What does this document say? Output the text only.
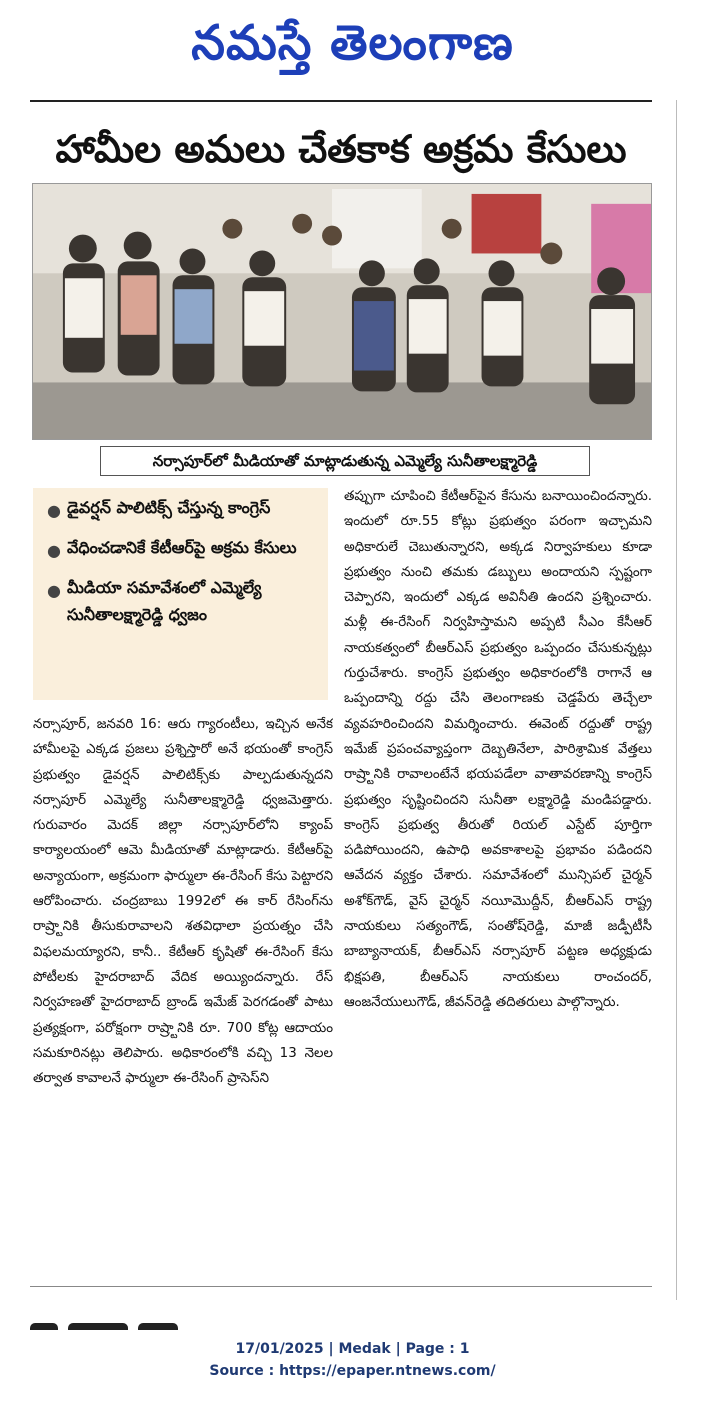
నమస్తే తెలంగాణ
హామీల అమలు చేతకాక అక్రమ కేసులు
నర్సాపూర్‌లో మీడియాతో మాట్లాడుతున్న ఎమ్మెల్యే సునీతాలక్ష్మారెడ్డి
● డైవర్షన్ పాలిటిక్స్ చేస్తున్న కాంగ్రెస్
● వేధించడానికే కేటీఆర్‌పై అక్రమ కేసులు
● మీడియా సమావేశంలో ఎమ్మెల్యే సునీతాలక్ష్మారెడ్డి ధ్వజం
నర్సాపూర్, జనవరి 16: ఆరు గ్యారంటీలు, ఇచ్చిన అనేక హామీలపై ఎక్కడ ప్రజలు ప్రశ్నిస్తారో అనే భయంతో కాంగ్రెస్ ప్రభుత్వం డైవర్షన్ పాలిటిక్స్‌కు పాల్పడుతున్నదని నర్సాపూర్ ఎమ్మెల్యే సునీతాలక్ష్మారెడ్డి ధ్వజమెత్తారు. గురువారం మెదక్ జిల్లా నర్సాపూర్‌లోని క్యాంప్ కార్యాలయంలో ఆమె మీడియాతో మాట్లాడారు. కేటీఆర్‌పై అన్యాయంగా, అక్రమంగా ఫార్ములా ఈ-రేసింగ్ కేసు పెట్టారని ఆరోపించారు. చంద్రబాబు 1992లో ఈ కార్ రేసింగ్‌ను రాష్ర్టానికి తీసుకురావాలని శతవిధాలా ప్రయత్నం చేసి విఫలమయ్యారని, కానీ.. కేటీఆర్ కృషితో ఈ-రేసింగ్ కేసు పోటీలకు హైదరాబాద్ వేదిక అయ్యిందన్నారు. రేస్ నిర్వహణతో హైదరాబాద్ బ్రాండ్ ఇమేజ్ పెరగడంతో పాటు ప్రత్యక్షంగా, పరోక్షంగా రాష్ర్టానికి రూ. 700 కోట్ల ఆదాయం సమకూరినట్లు తెలిపారు. అధికారంలోకి వచ్చి 13 నెలల తర్వాత కావాలనే ఫార్ములా ఈ-రేసింగ్ ప్రాసెస్‌ని
తప్పుగా చూపించి కేటీఆర్‌పైన కేసును బనాయించిందన్నారు. ఇందులో రూ.55 కోట్లు ప్రభుత్వం పరంగా ఇచ్చామని అధికారులే చెబుతున్నారని, అక్కడ నిర్వాహకులు కూడా ప్రభుత్వం నుంచి తమకు డబ్బులు అందాయని స్పష్టంగా చెప్పారని, ఇందులో ఎక్కడ అవినీతి ఉందని ప్రశ్నించారు. మళ్లీ ఈ-రేసింగ్ నిర్వహిస్తామని అప్పటి సీఎం కేసీఆర్ నాయకత్వంలో బీఆర్‌ఎస్ ప్రభుత్వం ఒప్పందం చేసుకున్నట్లు గుర్తుచేశారు. కాంగ్రెస్ ప్రభుత్వం అధికారంలోకి రాగానే ఆ ఒప్పందాన్ని రద్దు చేసి తెలంగాణకు చెడ్డపేరు తెచ్చేలా వ్యవహరించిందని విమర్శించారు. ఈవెంట్ రద్దుతో రాష్ట్ర ఇమేజ్ ప్రపంచవ్యాప్తంగా దెబ్బతినేలా, పారిశ్రామిక వేత్తలు రాష్ర్టానికి రావాలంటేనే భయపడేలా వాతావరణాన్ని కాంగ్రెస్ ప్రభుత్వం సృష్టించిందని సునీతా లక్ష్మారెడ్డి మండిపడ్డారు. కాంగ్రెస్ ప్రభుత్వ తీరుతో రియల్ ఎస్టేట్ పూర్తిగా పడిపోయిందని, ఉపాధి అవకాశాలపై ప్రభావం పడిందని ఆవేదన వ్యక్తం చేశారు. సమావేశంలో మున్సిపల్ చైర్మన్ అశోక్‌గౌడ్, వైస్ చైర్మన్ నయీమొద్దీన్, బీఆర్‌ఎస్ రాష్ట్ర నాయకులు సత్యంగౌడ్, సంతోష్‌రెడ్డి, మాజీ జడ్పీటీసీ బాబ్యానాయక్, బీఆర్‌ఎస్ నర్సాపూర్ పట్టణ అధ్యక్షుడు భిక్షపతి, బీఆర్‌ఎస్ నాయకులు రాంచందర్, ఆంజనేయులుగౌడ్, జీవన్‌రెడ్డి తదితరులు పాల్గొన్నారు.
17/01/2025 | Medak | Page : 1
Source : https://epaper.ntnews.com/
